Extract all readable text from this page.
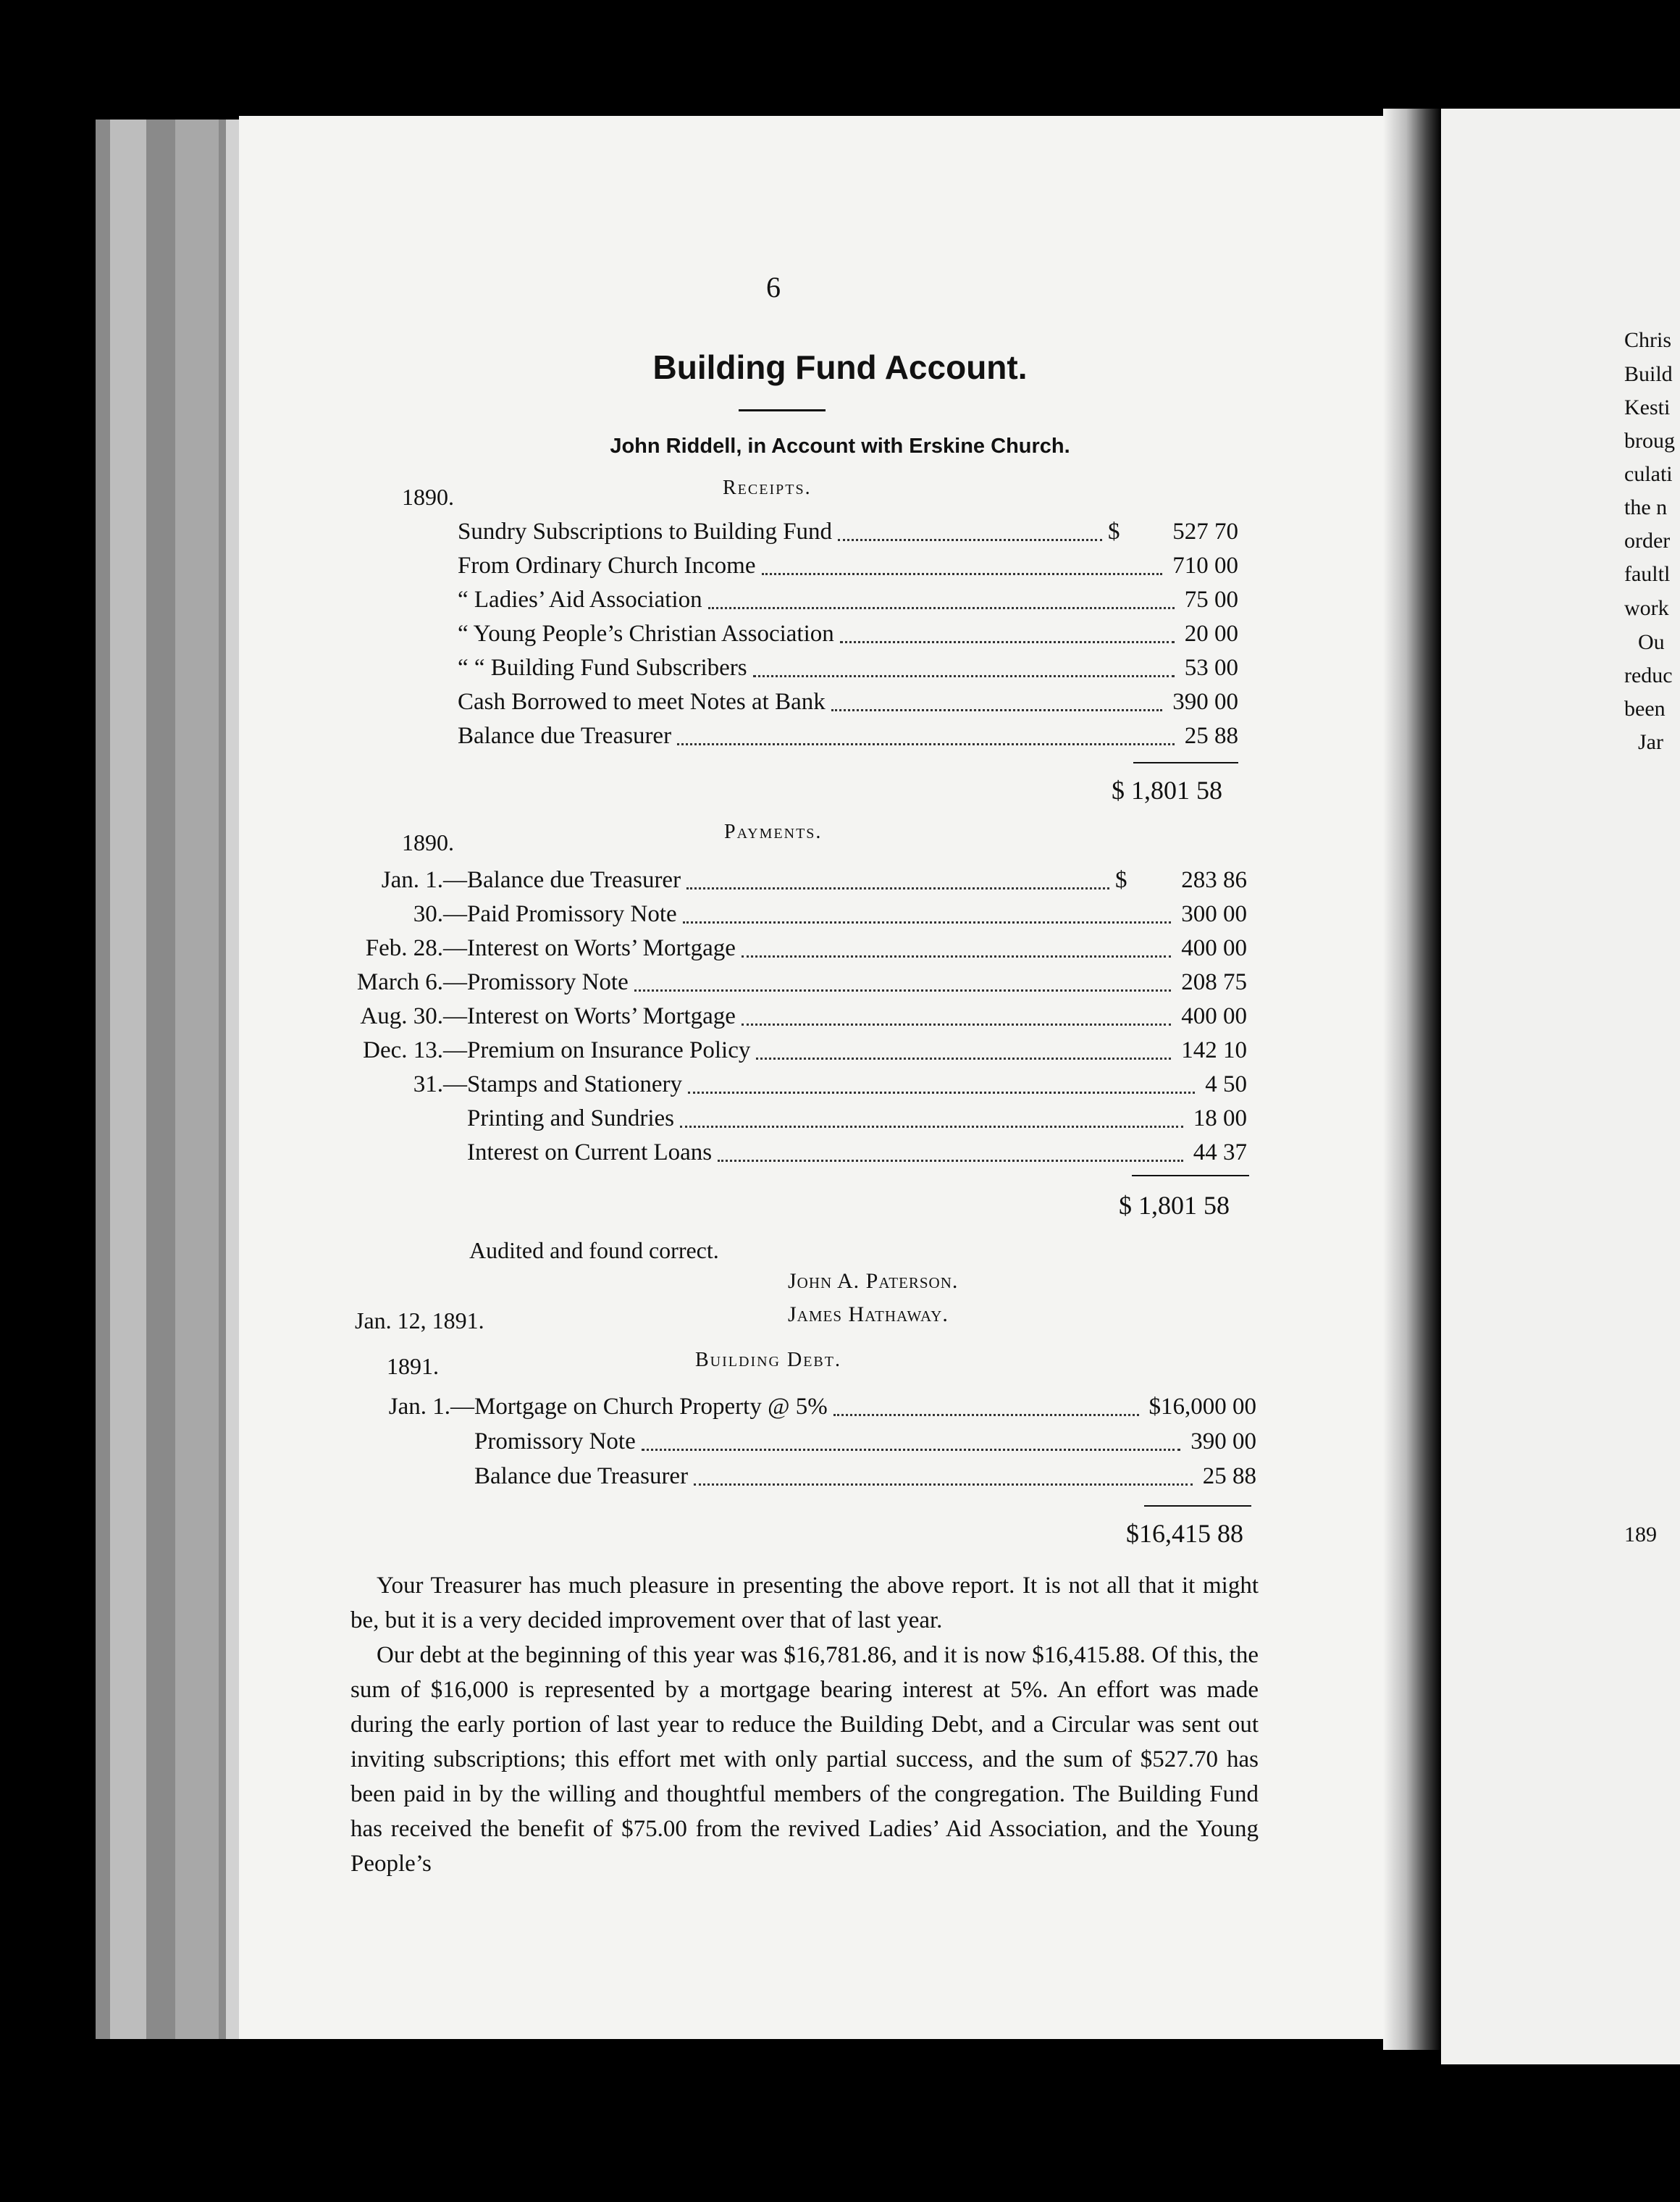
Chris
Build
Kesti
broug
culati
the n
order
faultl
work
Ou
reduc
been
Jar
189
6
Building Fund Account.
John Riddell, in Account with Erskine Church.
1890.	Receipts.
Sundry Subscriptions to Building Fund	$	527 70
From Ordinary Church Income	710 00
“ Ladies’ Aid Association	75 00
“ Young People’s Christian Association	20 00
“ “ Building Fund Subscribers	53 00
Cash Borrowed to meet Notes at Bank	390 00
Balance due Treasurer	25 88
$ 1,801 58
1890.	Payments.
Jan. 1.— Balance due Treasurer	$	283 86
30.— Paid Promissory Note	300 00
Feb. 28.— Interest on Worts’ Mortgage	400 00
March 6.— Promissory Note	208 75
Aug. 30.— Interest on Worts’ Mortgage	400 00
Dec. 13.— Premium on Insurance Policy	142 10
31.— Stamps and Stationery	4 50
Printing and Sundries	18 00
Interest on Current Loans	44 37
$ 1,801 58
Audited and found correct.
John A. Paterson.
James Hathaway.
Jan. 12, 1891.
1891.	Building Debt.
Jan. 1.— Mortgage on Church Property @ 5%	$16,000 00
Promissory Note	390 00
Balance due Treasurer	25 88
$16,415 88

Your Treasurer has much pleasure in presenting the above report. It is not all that it might be, but it is a very decided improvement over that of last year.

Our debt at the beginning of this year was $16,781.86, and it is now $16,415.88. Of this, the sum of $16,000 is represented by a mortgage bearing interest at 5%. An effort was made during the early portion of last year to reduce the Building Debt, and a Circular was sent out inviting subscriptions; this effort met with only partial success, and the sum of $527.70 has been paid in by the willing and thoughtful members of the congregation. The Building Fund has received the benefit of $75.00 from the revived Ladies’ Aid Association, and the Young People’s
